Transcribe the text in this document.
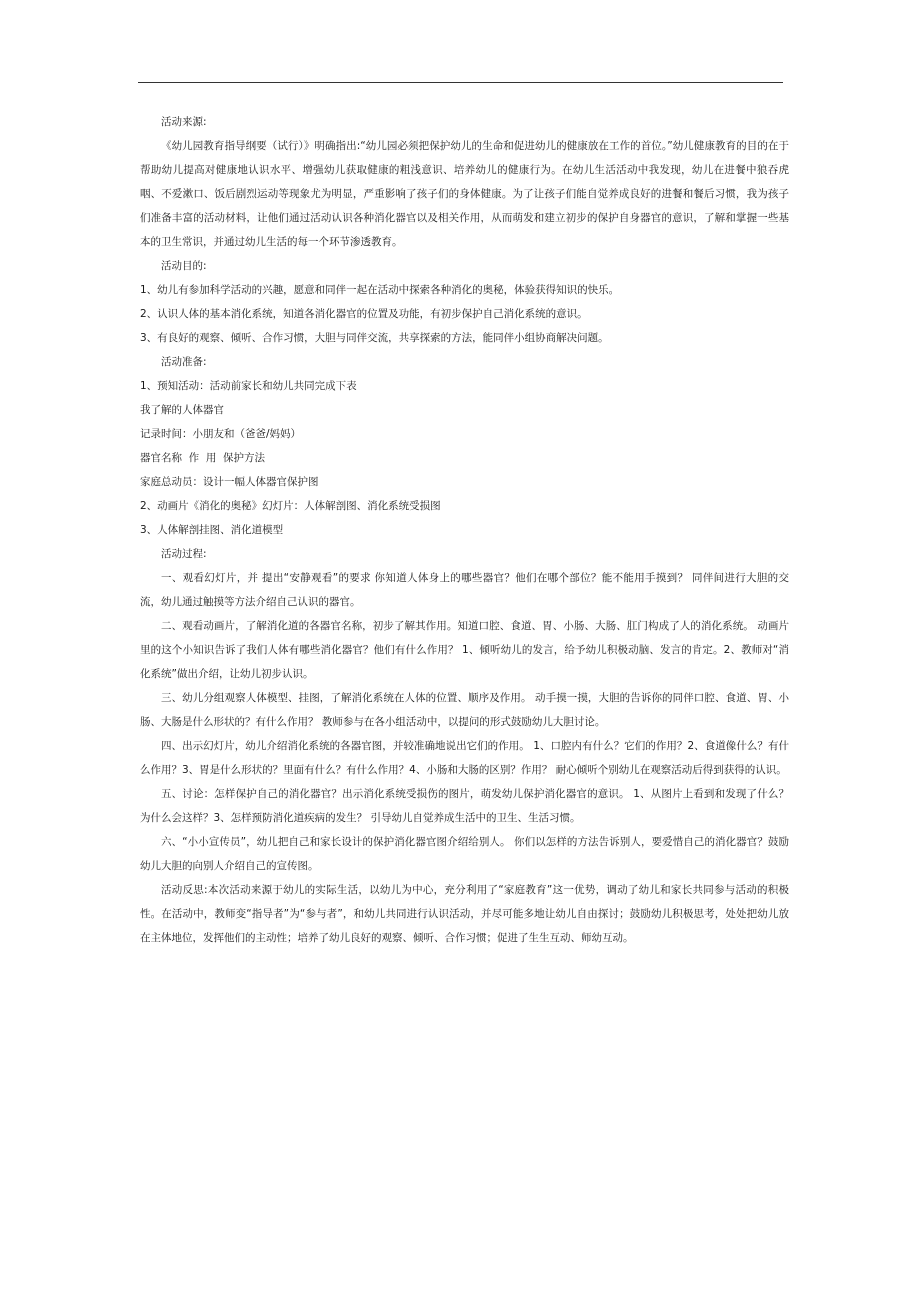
活动来源:

《幼儿园教育指导纲要（试行）》明确指出:“幼儿园必须把保护幼儿的生命和促进幼儿的健康放在工作的首位。”幼儿健康教育的目的在于帮助幼儿提高对健康地认识水平、增强幼儿获取健康的粗浅意识、培养幼儿的健康行为。在幼儿生活活动中我发现，幼儿在进餐中狼吞虎咽、不爱漱口、饭后剧烈运动等现象尤为明显，严重影响了孩子们的身体健康。为了让孩子们能自觉养成良好的进餐和餐后习惯，我为孩子们准备丰富的活动材料，让他们通过活动认识各种消化器官以及相关作用，从而萌发和建立初步的保护自身器官的意识，了解和掌握一些基本的卫生常识，并通过幼儿生活的每一个环节渗透教育。

活动目的:

1、幼儿有参加科学活动的兴趣，愿意和同伴一起在活动中探索各种消化的奥秘，体验获得知识的快乐。

2、认识人体的基本消化系统，知道各消化器官的位置及功能，有初步保护自己消化系统的意识。

3、有良好的观察、倾听、合作习惯，大胆与同伴交流，共享探索的方法，能同伴小组协商解决问题。

活动准备:

1、预知活动：活动前家长和幼儿共同完成下表

我了解的人体器官

记录时间：小朋友和（爸爸/妈妈）

器官名称  作  用  保护方法

家庭总动员：设计一幅人体器官保护图

2、动画片《消化的奥秘》幻灯片：人体解剖图、消化系统受损图

3、人体解剖挂图、消化道模型

活动过程:

一、观看幻灯片，并 提出“安静观看”的要求 你知道人体身上的哪些器官？他们在哪个部位？能不能用手摸到？ 同伴间进行大胆的交流，幼儿通过触摸等方法介绍自己认识的器官。

二、观看动画片，了解消化道的各器官名称，初步了解其作用。知道口腔、食道、胃、小肠、大肠、肛门构成了人的消化系统。 动画片里的这个小知识告诉了我们人体有哪些消化器官？他们有什么作用？ 1、倾听幼儿的发言，给予幼儿积极动脑、发言的肯定。2、教师对“消化系统”做出介绍，让幼儿初步认识。

三、幼儿分组观察人体模型、挂图，了解消化系统在人体的位置、顺序及作用。 动手摸一摸，大胆的告诉你的同伴口腔、食道、胃、小肠、大肠是什么形状的？有什么作用？ 教师参与在各小组活动中，以提问的形式鼓励幼儿大胆讨论。

四、出示幻灯片，幼儿介绍消化系统的各器官图，并较准确地说出它们的作用。 1、口腔内有什么？它们的作用？2、食道像什么？有什么作用？3、胃是什么形状的？里面有什么？有什么作用？4、小肠和大肠的区别？作用？ 耐心倾听个别幼儿在观察活动后得到获得的认识。

五、讨论：怎样保护自己的消化器官？出示消化系统受损伤的图片，萌发幼儿保护消化器官的意识。 1、从图片上看到和发现了什么？ 为什么会这样？3、怎样预防消化道疾病的发生？ 引导幼儿自觉养成生活中的卫生、生活习惯。

六、“小小宣传员”，幼儿把自己和家长设计的保护消化器官图介绍给别人。 你们以怎样的方法告诉别人，要爱惜自己的消化器官？鼓励幼儿大胆的向别人介绍自己的宣传图。

活动反思:本次活动来源于幼儿的实际生活，以幼儿为中心，充分利用了“家庭教育”这一优势，调动了幼儿和家长共同参与活动的积极性。在活动中，教师变“指导者”为“参与者”，和幼儿共同进行认识活动，并尽可能多地让幼儿自由探讨；鼓励幼儿积极思考，处处把幼儿放在主体地位，发挥他们的主动性；培养了幼儿良好的观察、倾听、合作习惯；促进了生生互动、师幼互动。
